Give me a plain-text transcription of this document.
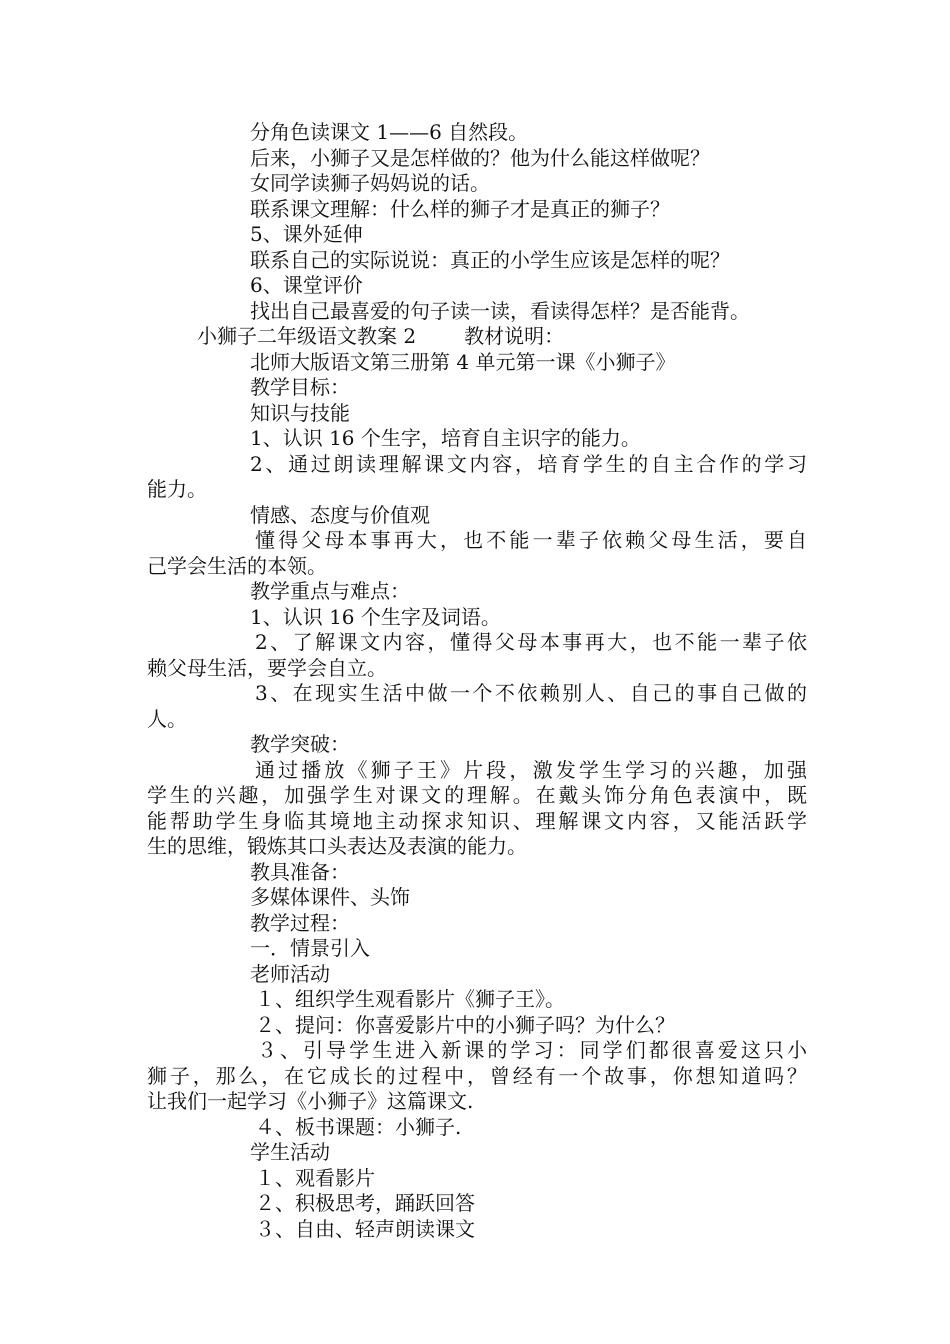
分角色读课文 1——6 自然段。
后来，小狮子又是怎样做的？他为什么能这样做呢？
女同学读狮子妈妈说的话。
联系课文理解：什么样的狮子才是真正的狮子？
5、课外延伸
联系自己的实际说说：真正的小学生应该是怎样的呢？
6、课堂评价
找出自己最喜爱的句子读一读，看读得怎样？是否能背。
小狮子二年级语文教案 2 教材说明：
北师大版语文第三册第 4 单元第一课《小狮子》
教学目标：
知识与技能
1、认识 16 个生字，培育自主识字的能力。
2、通过朗读理解课文内容，培育学生的自主合作的学习
能力。
情感、态度与价值观
懂得父母本事再大，也不能一辈子依赖父母生活，要自
己学会生活的本领。
教学重点与难点：
1、认识 16 个生字及词语。
2、了解课文内容，懂得父母本事再大，也不能一辈子依
赖父母生活，要学会自立。
3、在现实生活中做一个不依赖别人、自己的事自己做的
人。
教学突破：
通过播放《狮子王》片段，激发学生学习的兴趣，加强
学生的兴趣，加强学生对课文的理解。在戴头饰分角色表演中，既
能帮助学生身临其境地主动探求知识、理解课文内容，又能活跃学
生的思维，锻炼其口头表达及表演的能力。
教具准备：
多媒体课件、头饰
教学过程：
一．情景引入
老师活动
１、组织学生观看影片《狮子王》。
２、提问：你喜爱影片中的小狮子吗？为什么？
３、引导学生进入新课的学习：同学们都很喜爱这只小
狮子，那么，在它成长的过程中，曾经有一个故事，你想知道吗？
让我们一起学习《小狮子》这篇课文.
４、板书课题：小狮子.
学生活动
１、观看影片
２、积极思考，踊跃回答
３、自由、轻声朗读课文
